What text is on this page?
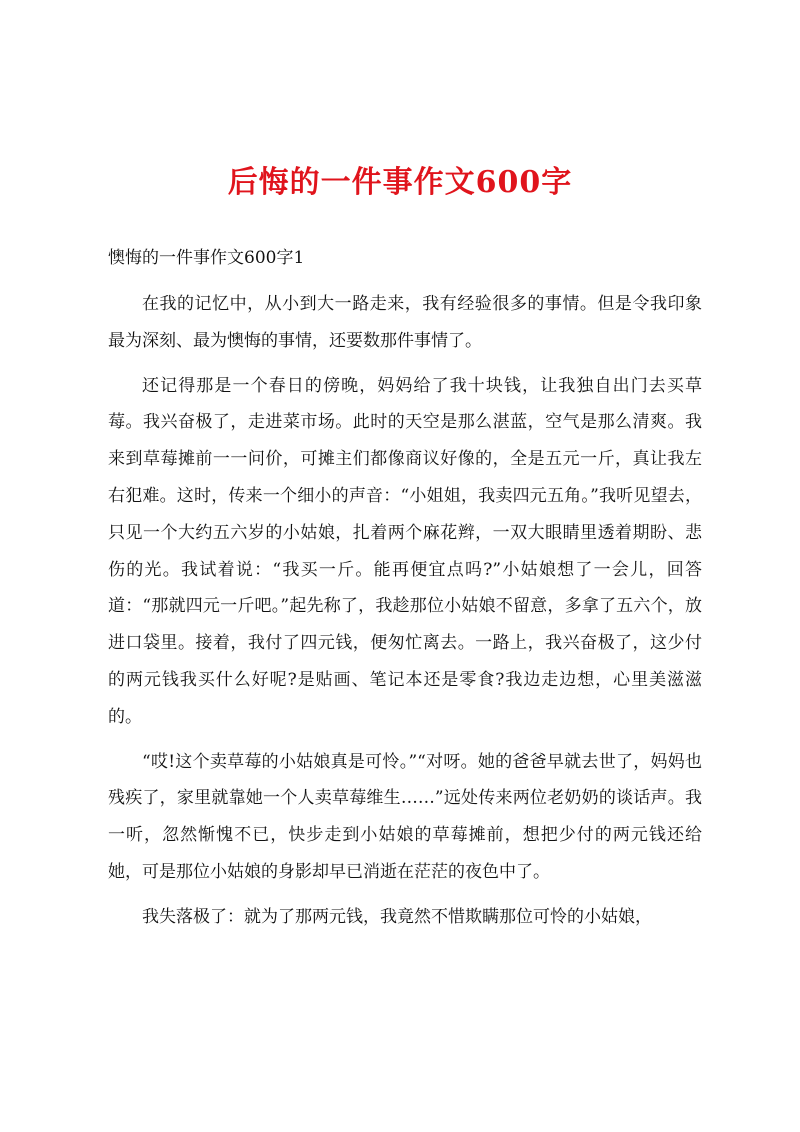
后悔的一件事作文600字
懊悔的一件事作文600字1

在我的记忆中，从小到大一路走来，我有经验很多的事情。但是令我印象最为深刻、最为懊悔的事情，还要数那件事情了。

还记得那是一个春日的傍晚，妈妈给了我十块钱，让我独自出门去买草莓。我兴奋极了，走进菜市场。此时的天空是那么湛蓝，空气是那么清爽。我来到草莓摊前一一问价，可摊主们都像商议好像的，全是五元一斤，真让我左右犯难。这时，传来一个细小的声音：“小姐姐，我卖四元五角。”我听见望去，只见一个大约五六岁的小姑娘，扎着两个麻花辫，一双大眼睛里透着期盼、悲伤的光。我试着说：“我买一斤。能再便宜点吗?”小姑娘想了一会儿，回答道：“那就四元一斤吧。”起先称了，我趁那位小姑娘不留意，多拿了五六个，放进口袋里。接着，我付了四元钱，便匆忙离去。一路上，我兴奋极了，这少付的两元钱我买什么好呢?是贴画、笔记本还是零食?我边走边想，心里美滋滋的。

“哎!这个卖草莓的小姑娘真是可怜。”“对呀。她的爸爸早就去世了，妈妈也残疾了，家里就靠她一个人卖草莓维生……”远处传来两位老奶奶的谈话声。我一听，忽然惭愧不已，快步走到小姑娘的草莓摊前，想把少付的两元钱还给她，可是那位小姑娘的身影却早已消逝在茫茫的夜色中了。

我失落极了：就为了那两元钱，我竟然不惜欺瞒那位可怜的小姑娘，
